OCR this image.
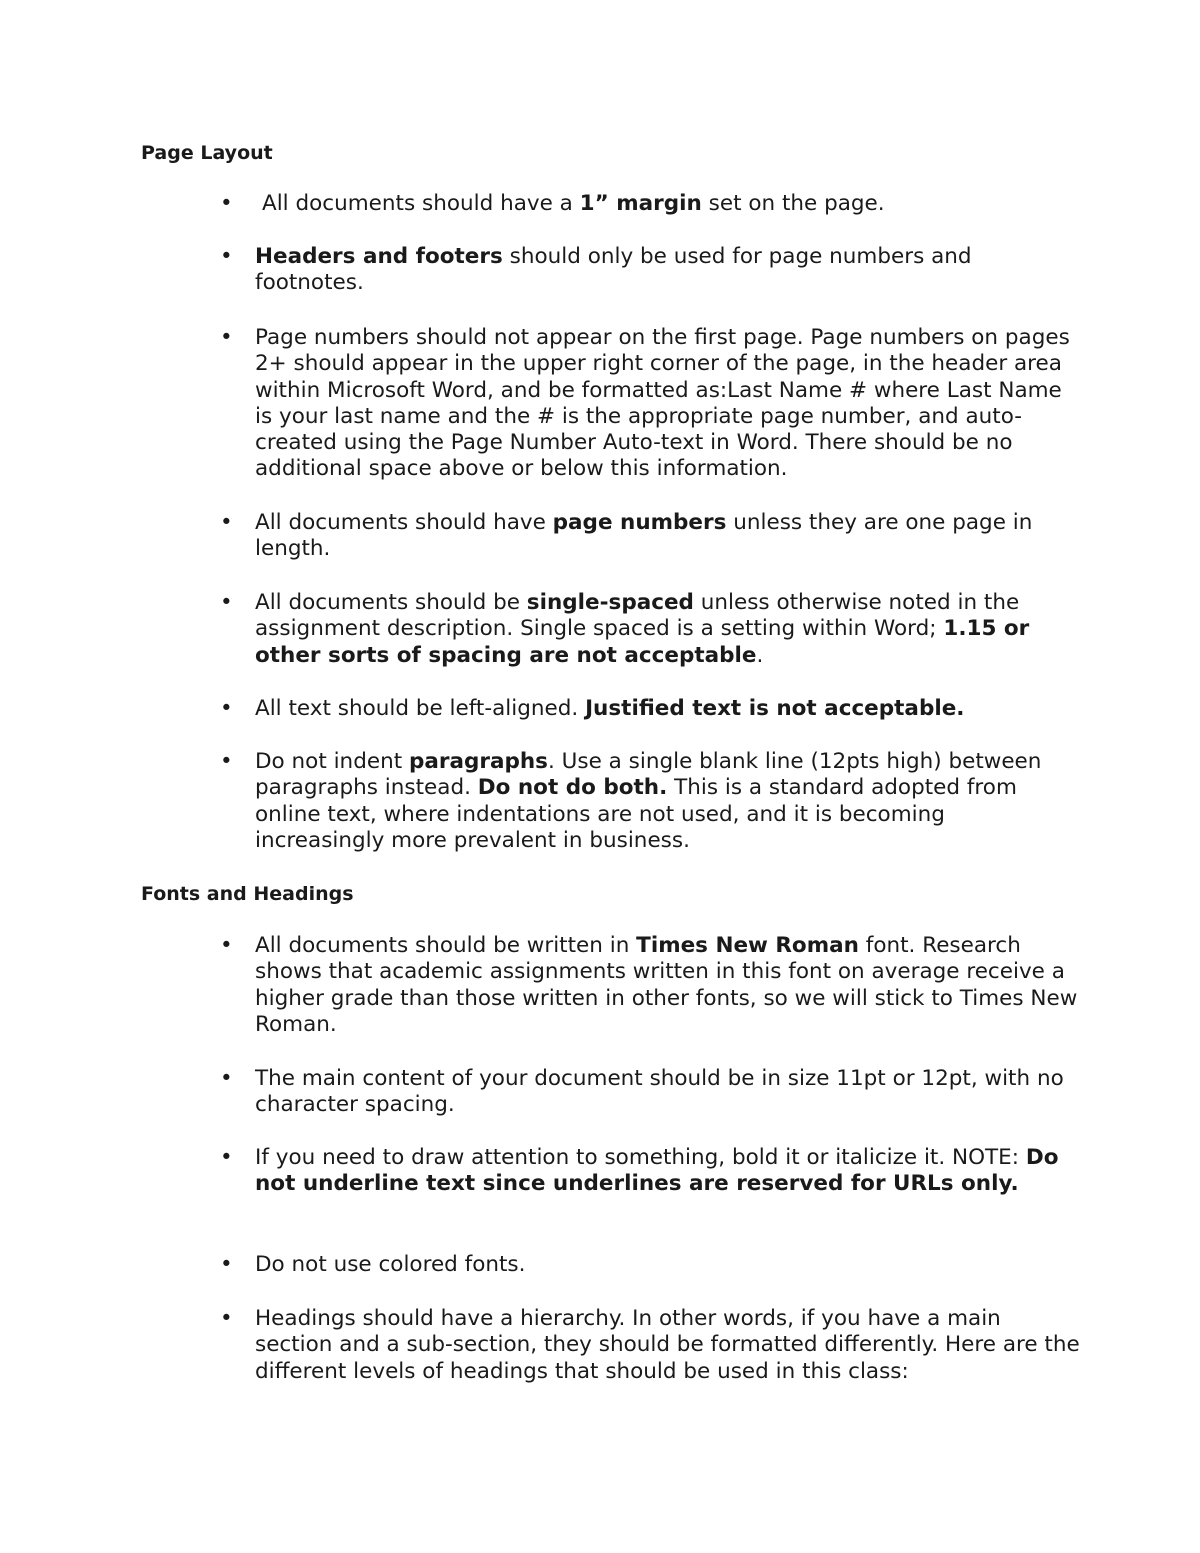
Page Layout
• All documents should have a 1” margin set on the page.
• Headers and footers should only be used for page numbers and footnotes.
• Page numbers should not appear on the first page. Page numbers on pages 2+ should appear in the upper right corner of the page, in the header area within Microsoft Word, and be formatted as:Last Name # where Last Name is your last name and the # is the appropriate page number, and auto-created using the Page Number Auto-text in Word. There should be no additional space above or below this information.
• All documents should have page numbers unless they are one page in length.
• All documents should be single-spaced unless otherwise noted in the assignment description. Single spaced is a setting within Word; 1.15 or other sorts of spacing are not acceptable.
• All text should be left-aligned. Justified text is not acceptable.
• Do not indent paragraphs. Use a single blank line (12pts high) between paragraphs instead. Do not do both. This is a standard adopted from online text, where indentations are not used, and it is becoming increasingly more prevalent in business.
Fonts and Headings
• All documents should be written in Times New Roman font. Research shows that academic assignments written in this font on average receive a higher grade than those written in other fonts, so we will stick to Times New Roman.
• The main content of your document should be in size 11pt or 12pt, with no character spacing.
• If you need to draw attention to something, bold it or italicize it. NOTE: Do not underline text since underlines are reserved for URLs only.
• Do not use colored fonts.
• Headings should have a hierarchy. In other words, if you have a main section and a sub-section, they should be formatted differently. Here are the different levels of headings that should be used in this class:
